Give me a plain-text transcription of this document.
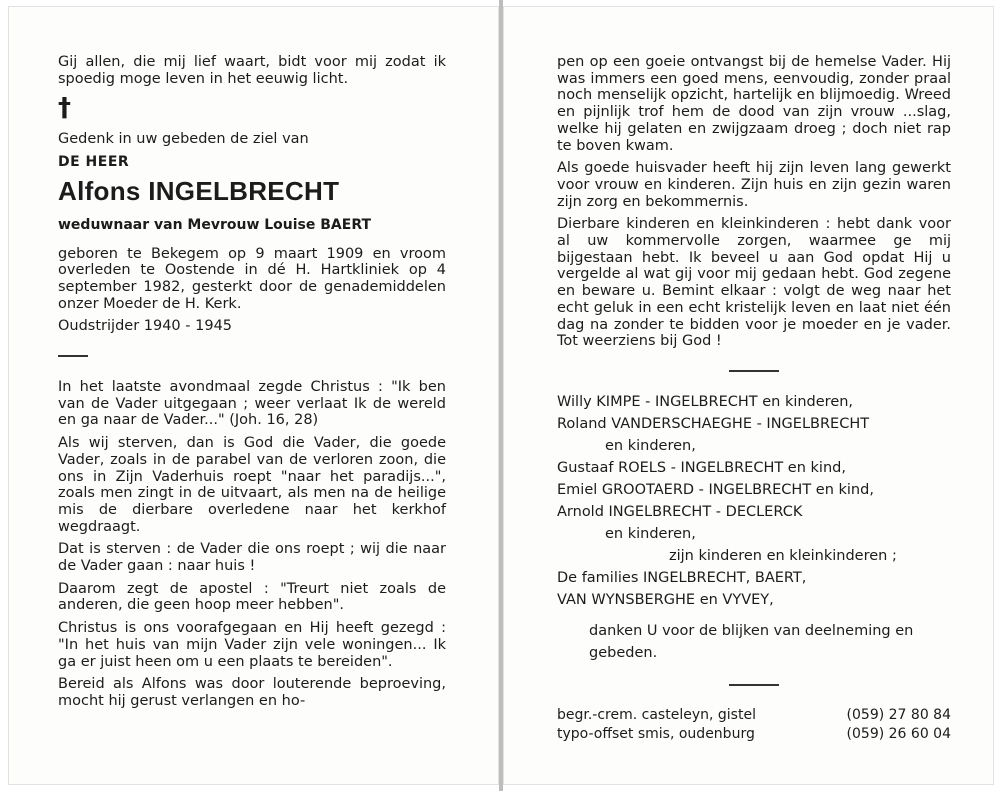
Gij allen, die mij lief waart, bidt voor mij zodat ik spoedig moge leven in het eeuwig licht.

†

Gedenk in uw gebeden de ziel van

DE HEER
Alfons INGELBRECHT
weduwnaar van Mevrouw Louise BAERT

geboren te Bekegem op 9 maart 1909 en vroom overleden te Oostende in dé H. Hartkliniek op 4 september 1982, gesterkt door de genademiddelen onzer Moeder de H. Kerk.

Oudstrijder 1940 - 1945

In het laatste avondmaal zegde Christus : "Ik ben van de Vader uitgegaan ; weer verlaat Ik de wereld en ga naar de Vader..." (Joh. 16, 28)

Als wij sterven, dan is God die Vader, die goede Vader, zoals in de parabel van de verloren zoon, die ons in Zijn Vaderhuis roept "naar het paradijs...", zoals men zingt in de uitvaart, als men na de heilige mis de dierbare overledene naar het kerkhof wegdraagt.

Dat is sterven : de Vader die ons roept ; wij die naar de Vader gaan : naar huis !

Daarom zegt de apostel : "Treurt niet zoals de anderen, die geen hoop meer hebben".

Christus is ons voorafgegaan en Hij heeft gezegd : "In het huis van mijn Vader zijn vele woningen... Ik ga er juist heen om u een plaats te bereiden".

Bereid als Alfons was door louterende beproeving, mocht hij gerust verlangen en ho-

pen op een goeie ontvangst bij de hemelse Vader. Hij was immers een goed mens, eenvoudig, zonder praal noch menselijk opzicht, hartelijk en blijmoedig. Wreed en pijnlijk trof hem de dood van zijn vrouw ...slag, welke hij gelaten en zwijgzaam droeg ; doch niet rap te boven kwam.

Als goede huisvader heeft hij zijn leven lang gewerkt voor vrouw en kinderen. Zijn huis en zijn gezin waren zijn zorg en bekommernis.

Dierbare kinderen en kleinkinderen : hebt dank voor al uw kommervolle zorgen, waarmee ge mij bijgestaan hebt. Ik beveel u aan God opdat Hij u vergelde al wat gij voor mij gedaan hebt. God zegene en beware u. Bemint elkaar : volgt de weg naar het echt geluk in een echt kristelijk leven en laat niet één dag na zonder te bidden voor je moeder en je vader. Tot weerziens bij God !

Willy KIMPE - INGELBRECHT en kinderen,
Roland VANDERSCHAEGHE - INGELBRECHT
en kinderen,
Gustaaf ROELS - INGELBRECHT en kind,
Emiel GROOTAERD - INGELBRECHT en kind,
Arnold INGELBRECHT - DECLERCK
en kinderen,
zijn kinderen en kleinkinderen ;
De families INGELBRECHT, BAERT,
VAN WYNSBERGHE en VYVEY,
danken U voor de blijken van deelneming en gebeden.
begr.-crem. casteleyn, gistel	(059) 27 80 84
typo-offset smis, oudenburg	(059) 26 60 04
